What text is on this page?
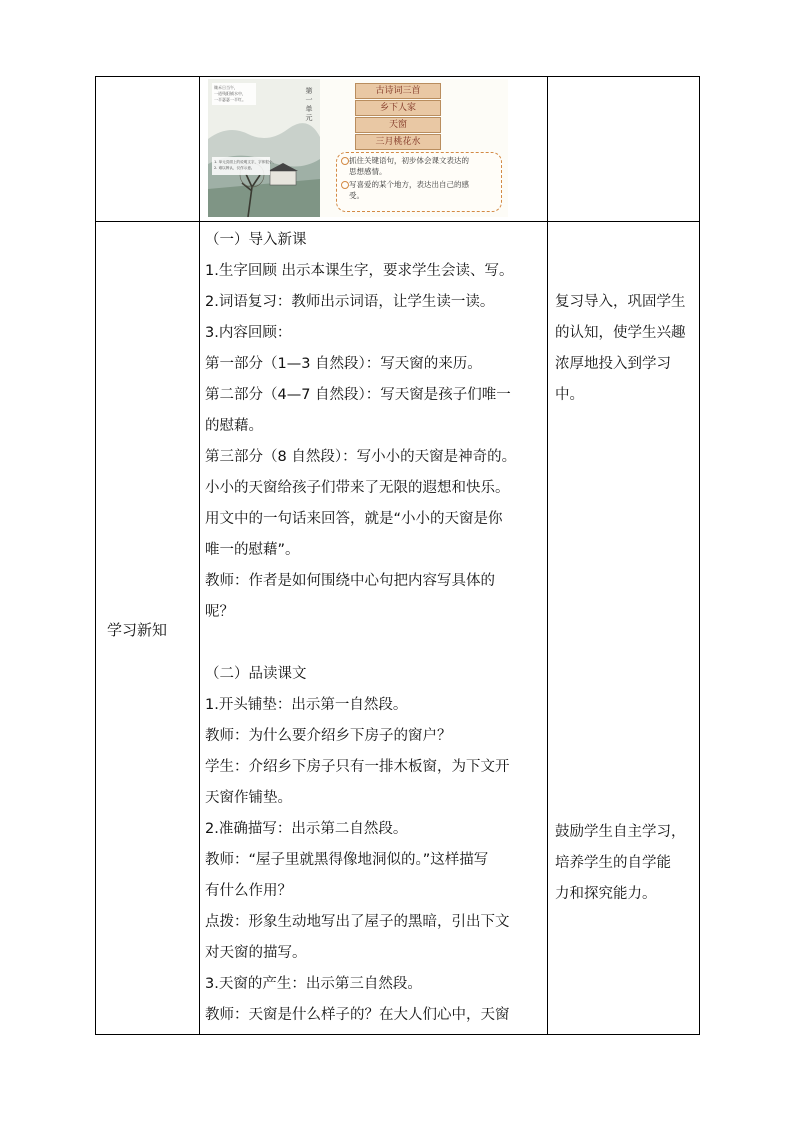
锄禾日当午，
一道残阳铺水中，
一半瑟瑟一半红。
1. 单元页面上的说明文字，字体很小，
2. 难以辨认，仅作示意。
第一单元
古诗词三首
乡下人家
天窗
三月桃花水
抓住关键语句，初步体会课文表达的
思想感情。
写喜爱的某个地方，表达出自己的感
受。
学习新知
（一）导入新课
1.生字回顾 出示本课生字，要求学生会读、写。
2.词语复习：教师出示词语，让学生读一读。
3.内容回顾：
第一部分（1—3 自然段）：写天窗的来历。
第二部分（4—7 自然段）：写天窗是孩子们唯一
的慰藉。
第三部分（8 自然段）：写小小的天窗是神奇的。
小小的天窗给孩子们带来了无限的遐想和快乐。
用文中的一句话来回答，就是“小小的天窗是你
唯一的慰藉”。
教师：作者是如何围绕中心句把内容写具体的
呢？
（二）品读课文
1.开头铺垫：出示第一自然段。
教师：为什么要介绍乡下房子的窗户？
学生：介绍乡下房子只有一排木板窗，为下文开
天窗作铺垫。
2.准确描写：出示第二自然段。
教师：“屋子里就黑得像地洞似的。”这样描写
有什么作用？
点拨：形象生动地写出了屋子的黑暗，引出下文
对天窗的描写。
3.天窗的产生：出示第三自然段。
教师：天窗是什么样子的？在大人们心中，天窗
复习导入，巩固学生
的认知，使学生兴趣
浓厚地投入到学习
中。
鼓励学生自主学习，
培养学生的自学能
力和探究能力。
